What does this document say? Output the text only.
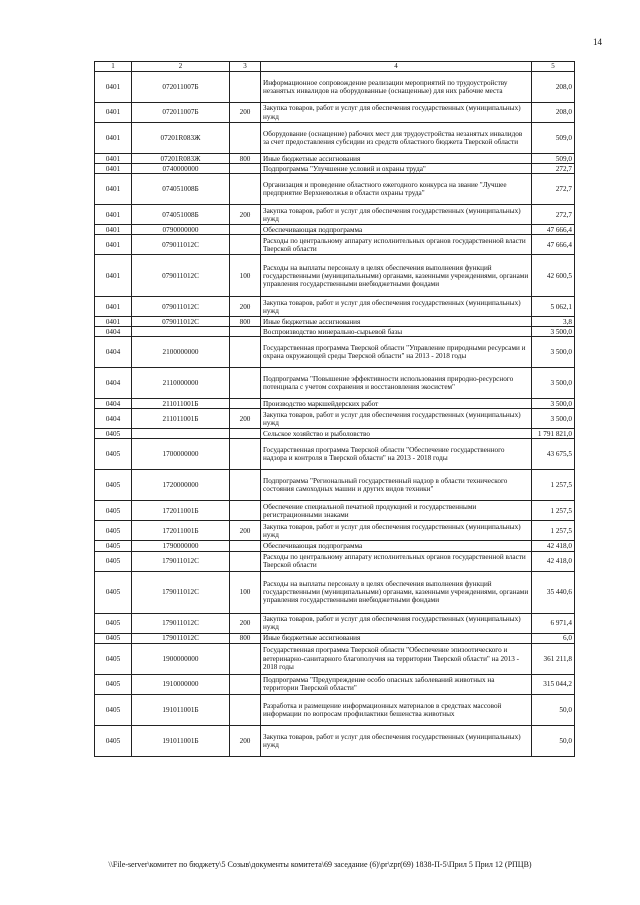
14
1	2	3	4	5
0401	072011007Б		Информационное сопровождение реализации мероприятий по трудоустройству незанятых инвалидов на оборудованные (оснащенные) для них рабочие места	208,0
0401	072011007Б	200	Закупка товаров, работ и услуг для обеспечения государственных (муниципальных) нужд	208,0
0401	07201R083Ж		Оборудование (оснащение) рабочих мест для трудоустройства незанятых инвалидов за счет предоставления субсидии из средств областного бюджета Тверской области	509,0
0401	07201R083Ж	800	Иные бюджетные ассигнования	509,0
0401	0740000000		Подпрограмма "Улучшение условий и охраны труда"	272,7
0401	074051008Б		Организация и проведение областного ежегодного конкурса на звание "Лучшее предприятие Верхневолжья в области охраны труда"	272,7
0401	074051008Б	200	Закупка товаров, работ и услуг для обеспечения государственных (муниципальных) нужд	272,7
0401	0790000000		Обеспечивающая подпрограмма	47 666,4
0401	079011012С		Расходы по центральному аппарату исполнительных органов государственной власти Тверской области	47 666,4
0401	079011012С	100	Расходы на выплаты персоналу в целях обеспечения выполнения функций государственными (муниципальными) органами, казенными учреждениями, органами управления государственными внебюджетными фондами	42 600,5
0401	079011012С	200	Закупка товаров, работ и услуг для обеспечения государственных (муниципальных) нужд	5 062,1
0401	079011012С	800	Иные бюджетные ассигнования	3,8
0404			Воспроизводство минерально-сырьевой базы	3 500,0
0404	2100000000		Государственная программа Тверской области "Управление природными ресурсами и охрана окружающей среды Тверской области" на 2013 - 2018 годы	3 500,0
0404	2110000000		Подпрограмма "Повышение эффективности использования природно-ресурсного потенциала с учетом сохранения и восстановления экосистем"	3 500,0
0404	211011001Б		Производство маркшейдерских работ	3 500,0
0404	211011001Б	200	Закупка товаров, работ и услуг для обеспечения государственных (муниципальных) нужд	3 500,0
0405			Сельское хозяйство и рыболовство	1 791 821,0
0405	1700000000		Государственная программа Тверской области "Обеспечение государственного надзора и контроля в Тверской области" на 2013 - 2018 годы	43 675,5
0405	1720000000		Подпрограмма "Региональный государственный надзор в области технического состояния самоходных машин и других видов техники"	1 257,5
0405	172011001Б		Обеспечение специальной печатной продукцией и государственными регистрационными знаками	1 257,5
0405	172011001Б	200	Закупка товаров, работ и услуг для обеспечения государственных (муниципальных) нужд	1 257,5
0405	1790000000		Обеспечивающая подпрограмма	42 418,0
0405	179011012С		Расходы по центральному аппарату исполнительных органов государственной власти Тверской области	42 418,0
0405	179011012С	100	Расходы на выплаты персоналу в целях обеспечения выполнения функций государственными (муниципальными) органами, казенными учреждениями, органами управления государственными внебюджетными фондами	35 440,6
0405	179011012С	200	Закупка товаров, работ и услуг для обеспечения государственных (муниципальных) нужд	6 971,4
0405	179011012С	800	Иные бюджетные ассигнования	6,0
0405	1900000000		Государственная программа Тверской области "Обеспечение эпизоотического и ветеринарно-санитарного благополучия на территории Тверской области" на 2013 - 2018 годы	361 211,8
0405	1910000000		Подпрограмма "Предупреждение особо опасных заболеваний животных на территории Тверской области"	315 044,2
0405	191011001Б		Разработка и размещение информационных материалов в средствах массовой информации по вопросам профилактики бешенства животных	50,0
0405	191011001Б	200	Закупка товаров, работ и услуг для обеспечения государственных (муниципальных) нужд	50,0
\\File-server\комитет по бюджету\5 Созыв\документы комитета\69 заседание (6)\pr\zpr(69) 1838-П-5\Прил 5 Прил 12 (РПЦВ)
